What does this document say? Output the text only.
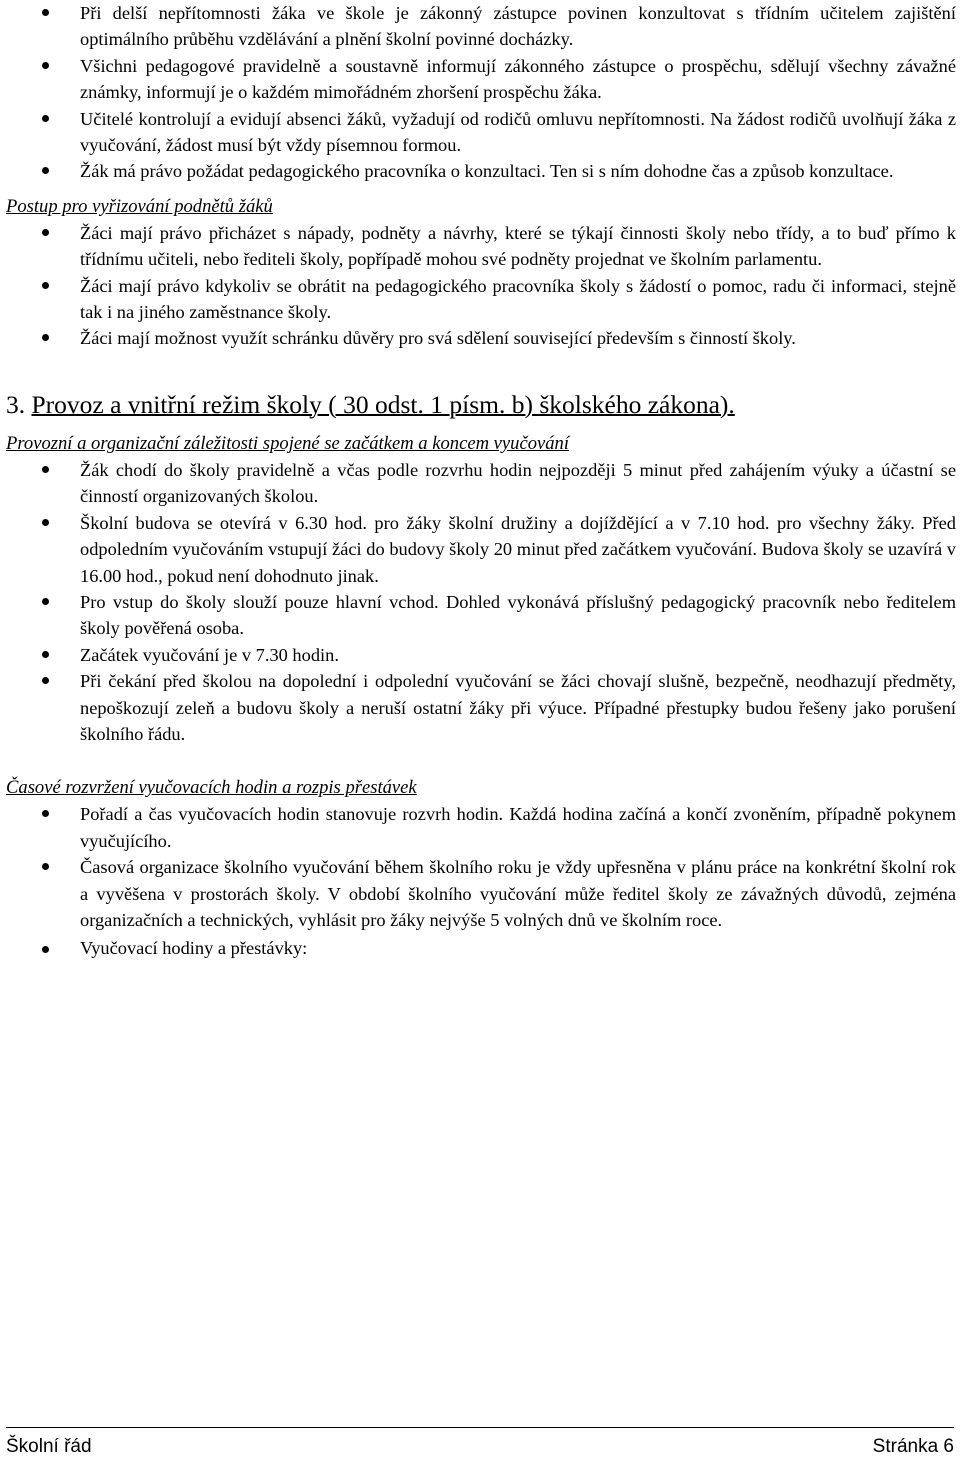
Při delší nepřítomnosti žáka ve škole je zákonný zástupce povinen konzultovat s třídním učitelem zajištění optimálního průběhu vzdělávání a plnění školní povinné docházky.
Všichni pedagogové pravidelně a soustavně informují zákonného zástupce o prospěchu, sdělují všechny závažné známky, informují je o každém mimořádném zhoršení prospěchu žáka.
Učitelé kontrolují a evidují absenci žáků, vyžadují od rodičů omluvu nepřítomnosti. Na žádost rodičů uvolňují žáka z vyučování, žádost musí být vždy písemnou formou.
Žák má právo požádat pedagogického pracovníka o konzultaci. Ten si s ním dohodne čas a způsob konzultace.

Postup pro vyřizování podnětů žáků

Žáci mají právo přicházet s nápady, podněty a návrhy, které se týkají činnosti školy nebo třídy, a to buď přímo k třídnímu učiteli, nebo řediteli školy, popřípadě mohou své podněty projednat ve školním parlamentu.
Žáci mají právo kdykoliv se obrátit na pedagogického pracovníka školy s žádostí o pomoc, radu či informaci, stejně tak i na jiného zaměstnance školy.
Žáci mají možnost využít schránku důvěry pro svá sdělení související především s činností školy.
3. Provoz a vnitřní režim školy ( 30 odst. 1 písm. b) školského zákona).

Provozní a organizační záležitosti spojené se začátkem a koncem vyučování

Žák chodí do školy pravidelně a včas podle rozvrhu hodin nejpozději 5 minut před zahájením výuky a účastní se činností organizovaných školou.
Školní budova se otevírá v 6.30 hod. pro žáky školní družiny a dojíždějící a v 7.10 hod. pro všechny žáky. Před odpoledním vyučováním vstupují žáci do budovy školy 20 minut před začátkem vyučování. Budova školy se uzavírá v 16.00 hod., pokud není dohodnuto jinak.
Pro vstup do školy slouží pouze hlavní vchod. Dohled vykonává příslušný pedagogický pracovník nebo ředitelem školy pověřená osoba.
Začátek vyučování je v 7.30 hodin.
Při čekání před školou na dopolední i odpolední vyučování se žáci chovají slušně, bezpečně, neodhazují předměty, nepoškozují zeleň a budovu školy a neruší ostatní žáky při výuce. Případné přestupky budou řešeny jako porušení školního řádu.

Časové rozvržení vyučovacích hodin a rozpis přestávek

Pořadí a čas vyučovacích hodin stanovuje rozvrh hodin. Každá hodina začíná a končí zvoněním, případně pokynem vyučujícího.
Časová organizace školního vyučování během školního roku je vždy upřesněna v plánu práce na konkrétní školní rok a vyvěšena v prostorách školy. V období školního vyučování může ředitel školy ze závažných důvodů, zejména organizačních a technických, vyhlásit pro žáky nejvýše 5 volných dnů ve školním roce.
Vyučovací hodiny a přestávky:
Školní řád	Stránka 6
